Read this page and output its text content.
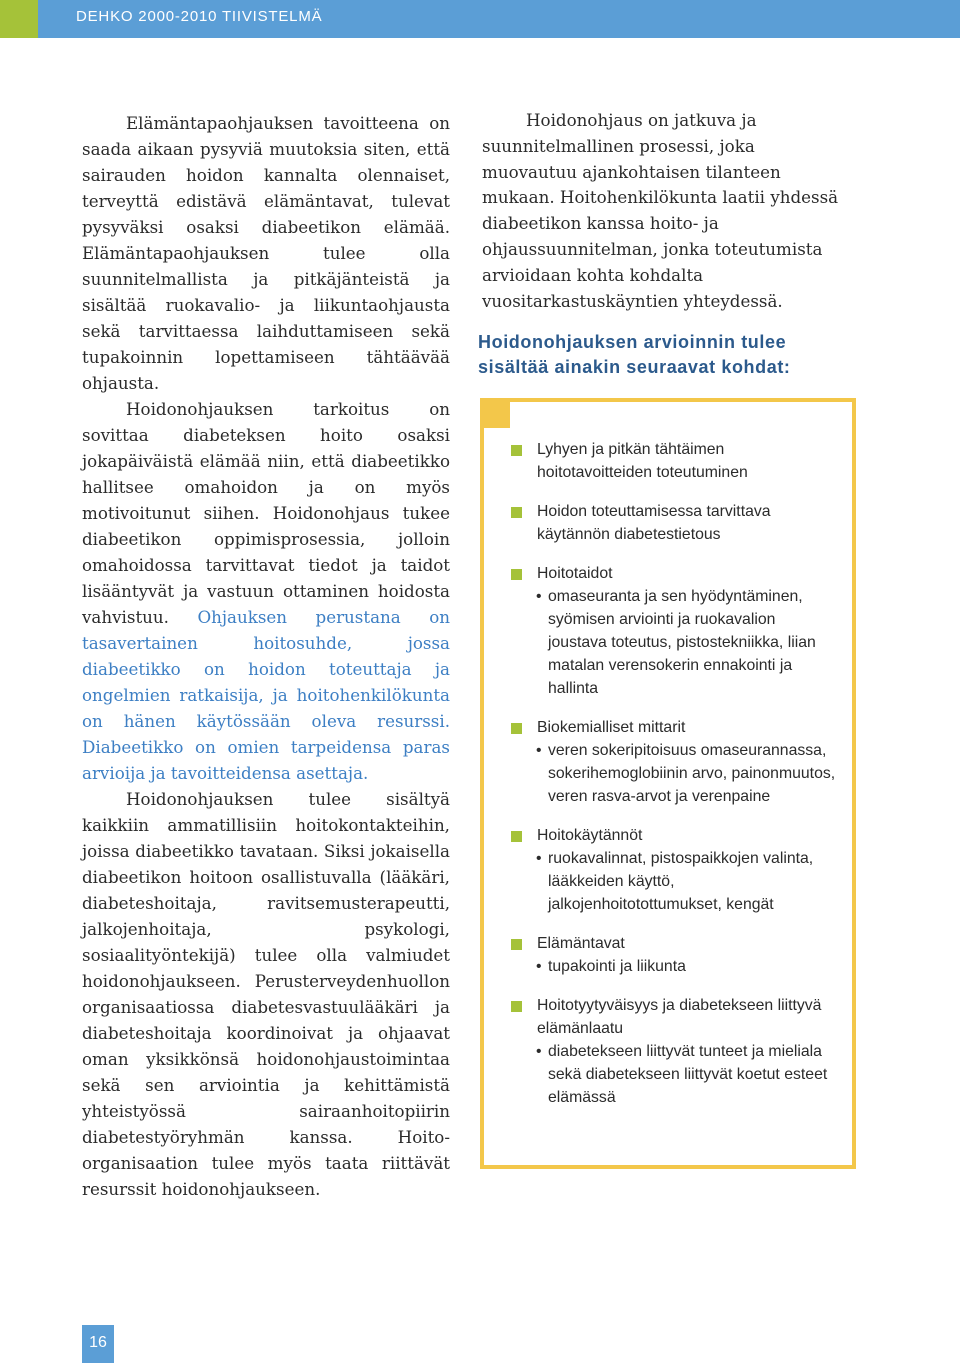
DEHKO 2000-2010 TIIVISTELMÄ

Elämäntapaohjauksen tavoitteena on saada aikaan pysyviä muutoksia siten, että sairauden hoidon kannalta olennaiset, terveyttä edistävä elämäntavat, tulevat pysyväksi osaksi diabeetikon elämää. Elämäntapaohjauksen tulee olla suunnitelmallista ja pitkäjänteistä ja sisältää ruokavalio- ja liikuntaohjausta sekä tarvittaessa laihduttamiseen sekä tupakoinnin lopettamiseen tähtäävää ohjausta.

Hoidonohjauksen tarkoitus on sovittaa diabeteksen hoito osaksi jokapäiväistä elämää niin, että diabeetikko hallitsee omahoidon ja on myös motivoitunut siihen. Hoidonohjaus tukee diabeetikon oppimisprosessia, jolloin omahoidossa tarvittavat tiedot ja taidot lisääntyvät ja vastuun ottaminen hoidosta vahvistuu. Ohjauksen perustana on tasavertainen hoitosuhde, jossa diabeetikko on hoidon toteuttaja ja ongelmien ratkaisija, ja hoitohenkilökunta on hänen käytössään oleva resurssi. Diabeetikko on omien tarpeidensa paras arvioija ja tavoitteidensa asettaja.

Hoidonohjauksen tulee sisältyä kaikkiin ammatillisiin hoitokontakteihin, joissa diabeetikko tavataan. Siksi jokaisella diabeetikon hoitoon osallistuvalla (lääkäri, diabeteshoitaja, ravitsemusterapeutti, jalkojenhoitaja, psykologi, sosiaalityöntekijä) tulee olla valmiudet hoidonohjaukseen. Perusterveydenhuollon organisaatiossa diabetesvastuulääkäri ja diabeteshoitaja koordinoivat ja ohjaavat oman yksikkönsä hoidonohjaustoimintaa sekä sen arviointia ja kehittämistä yhteistyössä sairaanhoitopiirin diabetestyöryhmän kanssa. Hoito-organisaation tulee myös taata riittävät resurssit hoidonohjaukseen.

Hoidonohjaus on jatkuva ja suunnitelmallinen prosessi, joka muovautuu ajankohtaisen tilanteen mukaan. Hoitohenkilökunta laatii yhdessä diabeetikon kanssa hoito- ja ohjaussuunnitelman, jonka toteutumista arvioidaan kohta kohdalta vuositarkastuskäyntien yhteydessä.

Hoidonohjauksen arvioinnin tulee
sisältää ainakin seuraavat kohdat:
Lyhyen ja pitkän tähtäimen hoitotavoitteiden toteutuminen
Hoidon toteuttamisessa tarvittava käytännön diabetestietous
Hoitotaidot
• omaseuranta ja sen hyödyntäminen, syömisen arviointi ja ruokavalion joustava toteutus, pistostekniikka, liian matalan verensokerin ennakointi ja hallinta
Biokemialliset mittarit
• veren sokeripitoisuus omaseurannassa, sokerihemoglobiinin arvo, painonmuutos, veren rasva-arvot ja verenpaine
Hoitokäytännöt
• ruokavalinnat, pistospaikkojen valinta, lääkkeiden käyttö, jalkojenhoitotottumukset, kengät
Elämäntavat
• tupakointi ja liikunta
Hoitotyytyväisyys ja diabetekseen liittyvä elämänlaatu
• diabetekseen liittyvät tunteet ja mieliala sekä diabetekseen liittyvät koetut esteet elämässä
16
